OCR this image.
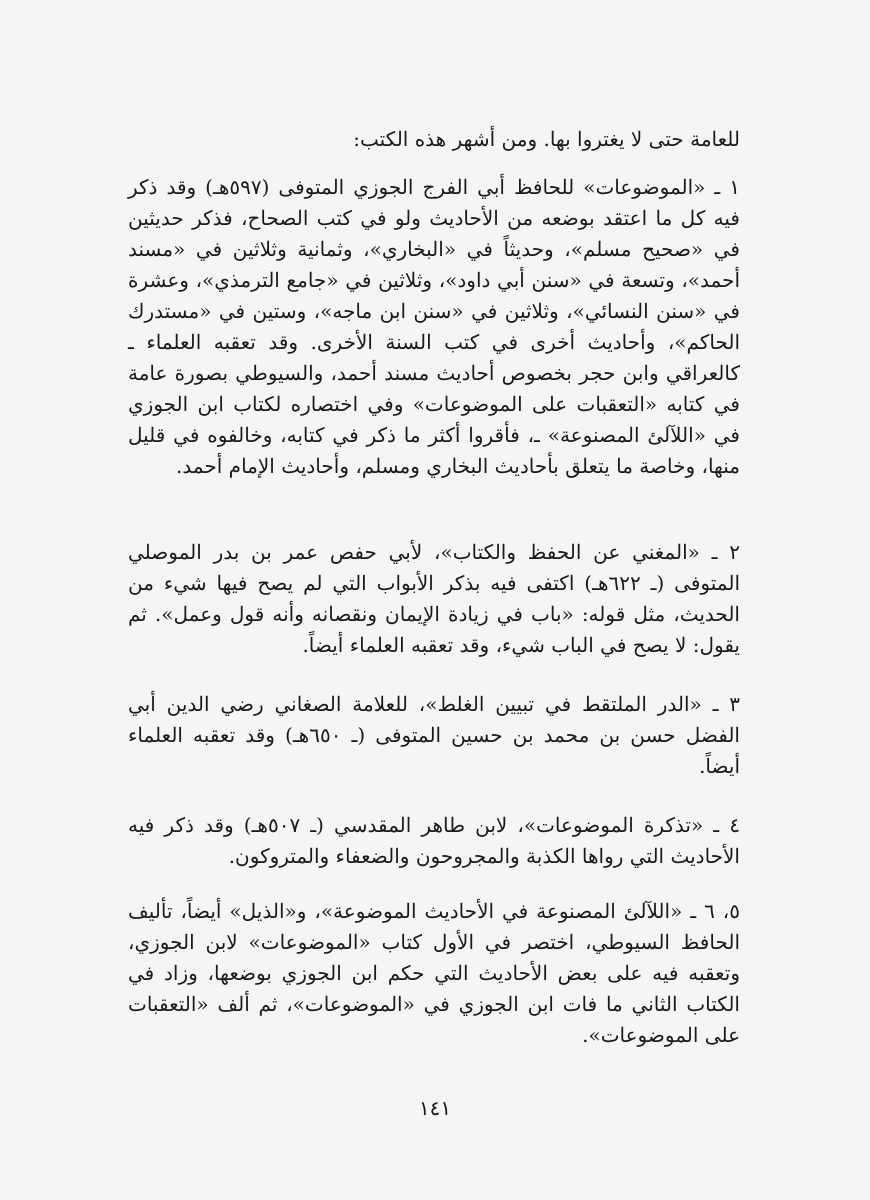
للعامة حتى لا يغتروا بها. ومن أشهر هذه الكتب:
١ ـ «الموضوعات» للحافظ أبي الفرج الجوزي المتوفى (٥٩٧هـ) وقد ذكر فيه كل ما اعتقد بوضعه من الأحاديث ولو في كتب الصحاح، فذكر حديثين في «صحيح مسلم»، وحديثاً في «البخاري»، وثمانية وثلاثين في «مسند أحمد»، وتسعة في «سنن أبي داود»، وثلاثين في «جامع الترمذي»، وعشرة في «سنن النسائي»، وثلاثين في «سنن ابن ماجه»، وستين في «مستدرك الحاكم»، وأحاديث أخرى في كتب السنة الأخرى. وقد تعقبه العلماء ـ كالعراقي وابن حجر بخصوص أحاديث مسند أحمد، والسيوطي بصورة عامة في كتابه «التعقبات على الموضوعات» وفي اختصاره لكتاب ابن الجوزي في «اللآلئ المصنوعة» ـ، فأقروا أكثر ما ذكر في كتابه، وخالفوه في قليل منها، وخاصة ما يتعلق بأحاديث البخاري ومسلم، وأحاديث الإمام أحمد.
٢ ـ «المغني عن الحفظ والكتاب»، لأبي حفص عمر بن بدر الموصلي المتوفى (ـ ٦٢٢هـ) اكتفى فيه بذكر الأبواب التي لم يصح فيها شيء من الحديث، مثل قوله: «باب في زيادة الإيمان ونقصانه وأنه قول وعمل». ثم يقول: لا يصح في الباب شيء، وقد تعقبه العلماء أيضاً.
٣ ـ «الدر الملتقط في تبيين الغلط»، للعلامة الصغاني رضي الدين أبي الفضل حسن بن محمد بن حسين المتوفى (ـ ٦٥٠هـ) وقد تعقبه العلماء أيضاً.
٤ ـ «تذكرة الموضوعات»، لابن طاهر المقدسي (ـ ٥٠٧هـ) وقد ذكر فيه الأحاديث التي رواها الكذبة والمجروحون والضعفاء والمتروكون.
٥، ٦ ـ «اللآلئ المصنوعة في الأحاديث الموضوعة»، و«الذيل» أيضاً، تأليف الحافظ السيوطي، اختصر في الأول كتاب «الموضوعات» لابن الجوزي، وتعقبه فيه على بعض الأحاديث التي حكم ابن الجوزي بوضعها، وزاد في الكتاب الثاني ما فات ابن الجوزي في «الموضوعات»، ثم ألف «التعقبات على الموضوعات».
١٤١
